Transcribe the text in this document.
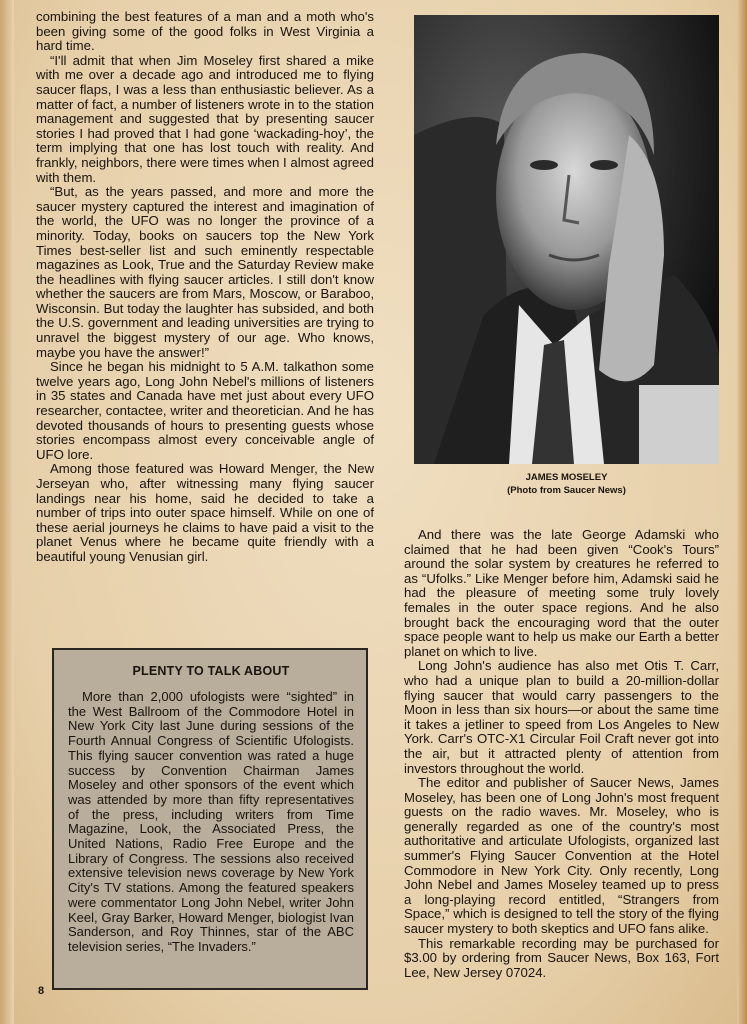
combining the best features of a man and a moth who's been giving some of the good folks in West Virginia a hard time.

“I'll admit that when Jim Moseley first shared a mike with me over a decade ago and introduced me to flying saucer flaps, I was a less than enthusiastic believer. As a matter of fact, a number of listeners wrote in to the station management and suggested that by presenting saucer stories I had proved that I had gone ‘wackading-hoy’, the term implying that one has lost touch with reality. And frankly, neighbors, there were times when I almost agreed with them.

“But, as the years passed, and more and more the saucer mystery captured the interest and imagination of the world, the UFO was no longer the province of a minority. Today, books on saucers top the New York Times best-seller list and such eminently respectable magazines as Look, True and the Saturday Review make the headlines with flying saucer articles. I still don't know whether the saucers are from Mars, Moscow, or Baraboo, Wisconsin. But today the laughter has subsided, and both the U.S. government and leading universities are trying to unravel the biggest mystery of our age. Who knows, maybe you have the answer!”

Since he began his midnight to 5 A.M. talkathon some twelve years ago, Long John Nebel's millions of listeners in 35 states and Canada have met just about every UFO researcher, contactee, writer and theoretician. And he has devoted thousands of hours to presenting guests whose stories encompass almost every conceivable angle of UFO lore.

Among those featured was Howard Menger, the New Jerseyan who, after witnessing many flying saucer landings near his home, said he decided to take a number of trips into outer space himself. While on one of these aerial journeys he claims to have paid a visit to the planet Venus where he became quite friendly with a beautiful young Venusian girl.

JAMES MOSELEY
(Photo from Saucer News)
PLENTY TO TALK ABOUT

More than 2,000 ufologists were “sighted” in the West Ballroom of the Commodore Hotel in New York City last June during sessions of the Fourth Annual Congress of Scientific Ufologists. This flying saucer convention was rated a huge success by Convention Chairman James Moseley and other sponsors of the event which was attended by more than fifty representatives of the press, including writers from Time Magazine, Look, the Associated Press, the United Nations, Radio Free Europe and the Library of Congress. The sessions also received extensive television news coverage by New York City's TV stations. Among the featured speakers were commentator Long John Nebel, writer John Keel, Gray Barker, Howard Menger, biologist Ivan Sanderson, and Roy Thinnes, star of the ABC television series, “The Invaders.”

And there was the late George Adamski who claimed that he had been given “Cook's Tours” around the solar system by creatures he referred to as “Ufolks.” Like Menger before him, Adamski said he had the pleasure of meeting some truly lovely females in the outer space regions. And he also brought back the encouraging word that the outer space people want to help us make our Earth a better planet on which to live.

Long John's audience has also met Otis T. Carr, who had a unique plan to build a 20-million-dollar flying saucer that would carry passengers to the Moon in less than six hours—or about the same time it takes a jetliner to speed from Los Angeles to New York. Carr's OTC-X1 Circular Foil Craft never got into the air, but it attracted plenty of attention from investors throughout the world.

The editor and publisher of Saucer News, James Moseley, has been one of Long John's most frequent guests on the radio waves. Mr. Moseley, who is generally regarded as one of the country's most authoritative and articulate Ufologists, organized last summer's Flying Saucer Convention at the Hotel Commodore in New York City. Only recently, Long John Nebel and James Moseley teamed up to press a long-playing record entitled, “Strangers from Space,” which is designed to tell the story of the flying saucer mystery to both skeptics and UFO fans alike.

This remarkable recording may be purchased for $3.00 by ordering from Saucer News, Box 163, Fort Lee, New Jersey 07024.

8
